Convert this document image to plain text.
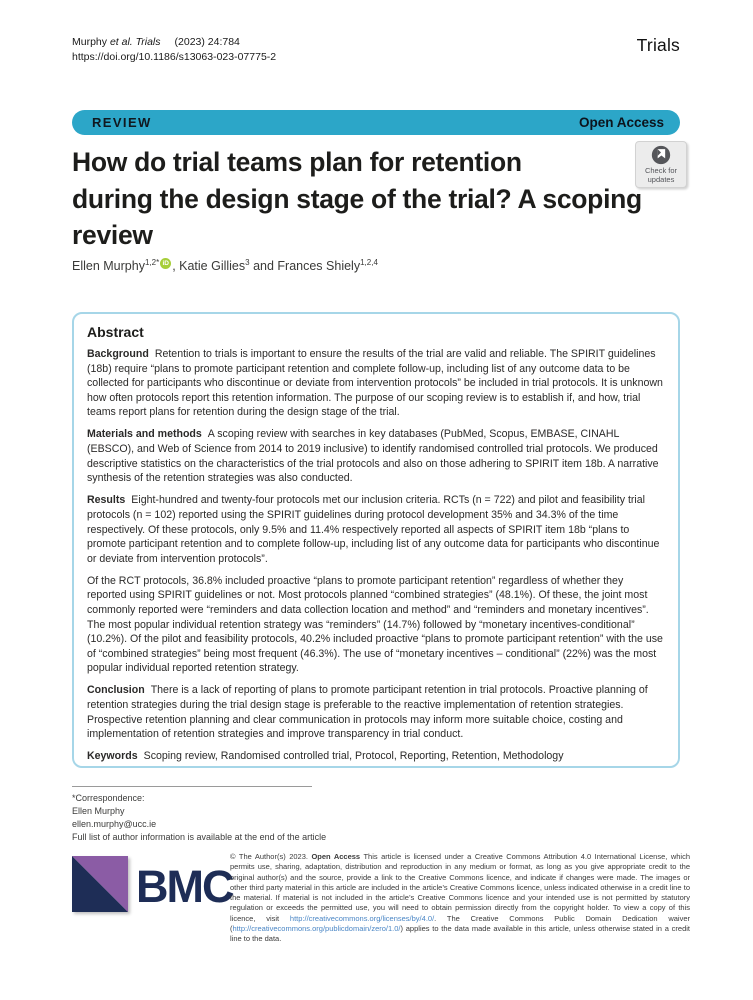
Murphy et al. Trials (2023) 24:784
https://doi.org/10.1186/s13063-023-07775-2
Trials
REVIEW	Open Access
Check for
updates
How do trial teams plan for retention
during the design stage of the trial? A scoping
review
Ellen Murphy$^{1,2*}$ iD , Katie Gillies$^3$ and Frances Shiely$^{1,2,4}$
Abstract

Background Retention to trials is important to ensure the results of the trial are valid and reliable. The SPIRIT guidelines (18b) require “plans to promote participant retention and complete follow-up, including list of any outcome data to be collected for participants who discontinue or deviate from intervention protocols” be included in trial protocols. It is unknown how often protocols report this retention information. The purpose of our scoping review is to establish if, and how, trial teams report plans for retention during the design stage of the trial.

Materials and methods A scoping review with searches in key databases (PubMed, Scopus, EMBASE, CINAHL (EBSCO), and Web of Science from 2014 to 2019 inclusive) to identify randomised controlled trial protocols. We produced descriptive statistics on the characteristics of the trial protocols and also on those adhering to SPIRIT item 18b. A narrative synthesis of the retention strategies was also conducted.

Results Eight-hundred and twenty-four protocols met our inclusion criteria. RCTs (n = 722) and pilot and feasibility trial protocols (n = 102) reported using the SPIRIT guidelines during protocol development 35% and 34.3% of the time respectively. Of these protocols, only 9.5% and 11.4% respectively reported all aspects of SPIRIT item 18b “plans to promote participant retention and to complete follow-up, including list of any outcome data for participants who discontinue or deviate from intervention protocols”.

Of the RCT protocols, 36.8% included proactive “plans to promote participant retention” regardless of whether they reported using SPIRIT guidelines or not. Most protocols planned “combined strategies” (48.1%). Of these, the joint most commonly reported were “reminders and data collection location and method” and “reminders and monetary incentives”. The most popular individual retention strategy was “reminders” (14.7%) followed by “monetary incentives-conditional” (10.2%). Of the pilot and feasibility protocols, 40.2% included proactive “plans to promote participant retention” with the use of “combined strategies” being most frequent (46.3%). The use of “monetary incentives – conditional” (22%) was the most popular individual reported retention strategy.

Conclusion There is a lack of reporting of plans to promote participant retention in trial protocols. Proactive planning of retention strategies during the trial design stage is preferable to the reactive implementation of retention strategies. Prospective retention planning and clear communication in protocols may inform more suitable choice, costing and implementation of retention strategies and improve transparency in trial conduct.

Keywords Scoping review, Randomised controlled trial, Protocol, Reporting, Retention, Methodology

*Correspondence:
Ellen Murphy
ellen.murphy@ucc.ie
Full list of author information is available at the end of the article
BMC

© The Author(s) 2023. Open Access This article is licensed under a Creative Commons Attribution 4.0 International License, which permits use, sharing, adaptation, distribution and reproduction in any medium or format, as long as you give appropriate credit to the original author(s) and the source, provide a link to the Creative Commons licence, and indicate if changes were made. The images or other third party material in this article are included in the article’s Creative Commons licence, unless indicated otherwise in a credit line to the material. If material is not included in the article’s Creative Commons licence and your intended use is not permitted by statutory regulation or exceeds the permitted use, you will need to obtain permission directly from the copyright holder. To view a copy of this licence, visit http://creativecommons.org/licenses/by/4.0/. The Creative Commons Public Domain Dedication waiver (http://creativecommons.org/publicdomain/zero/1.0/) applies to the data made available in this article, unless otherwise stated in a credit line to the data.
